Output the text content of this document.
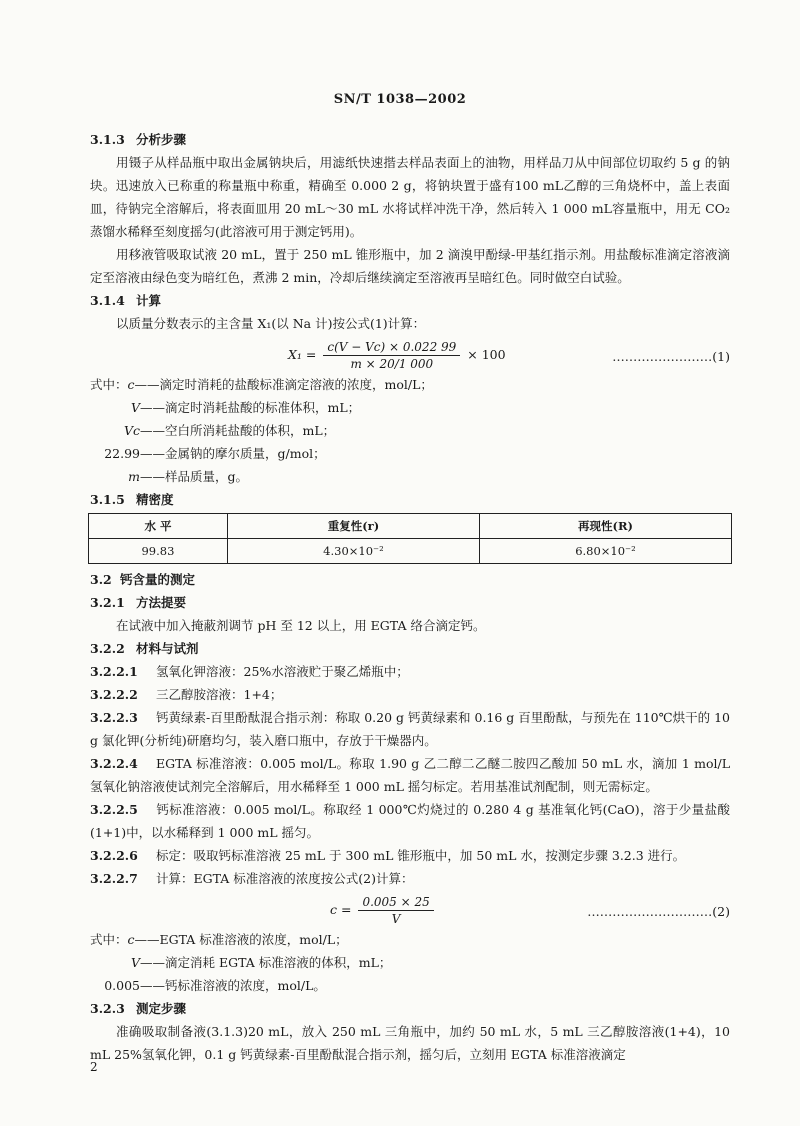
SN/T 1038—2002
3.1.3 分析步骤
用镊子从样品瓶中取出金属钠块后，用滤纸快速揩去样品表面上的油物，用样品刀从中间部位切取约 5 g 的钠块。迅速放入已称重的称量瓶中称重，精确至 0.000 2 g，将钠块置于盛有100 mL乙醇的三角烧杯中，盖上表面皿，待钠完全溶解后，将表面皿用 20 mL～30 mL 水将试样冲洗干净，然后转入 1 000 mL容量瓶中，用无 CO₂ 蒸馏水稀释至刻度摇匀(此溶液可用于测定钙用)。
用移液管吸取试液 20 mL，置于 250 mL 锥形瓶中，加 2 滴溴甲酚绿-甲基红指示剂。用盐酸标准滴定溶液滴定至溶液由绿色变为暗红色，煮沸 2 min，冷却后继续滴定至溶液再呈暗红色。同时做空白试验。
3.1.4 计算
以质量分数表示的主含量 X₁(以 Na 计)按公式(1)计算：
$X_1 = \frac{c(V - Vc) \times 0.022 99}{m \times 20/1 000} \times 100$	……………………(1)
式中：c——滴定时消耗的盐酸标准滴定溶液的浓度，mol/L；
V——滴定时消耗盐酸的标准体积，mL；
Vc——空白所消耗盐酸的体积，mL；
22.99——金属钠的摩尔质量，g/mol；
m——样品质量，g。
3.1.5 精密度
水 平	重复性(r)	再现性(R)
99.83	4.30×10⁻²	6.80×10⁻²
3.2 钙含量的测定
3.2.1 方法提要
在试液中加入掩蔽剂调节 pH 至 12 以上，用 EGTA 络合滴定钙。
3.2.2 材料与试剂
3.2.2.1 氢氧化钾溶液：25%水溶液贮于聚乙烯瓶中；
3.2.2.2 三乙醇胺溶液：1+4；
3.2.2.3 钙黄绿素-百里酚酞混合指示剂：称取 0.20 g 钙黄绿素和 0.16 g 百里酚酞，与预先在 110℃烘干的 10 g 氯化钾(分析纯)研磨均匀，装入磨口瓶中，存放于干燥器内。
3.2.2.4 EGTA 标准溶液：0.005 mol/L。称取 1.90 g 乙二醇二乙醚二胺四乙酸加 50 mL 水，滴加 1 mol/L氢氧化钠溶液使试剂完全溶解后，用水稀释至 1 000 mL 摇匀标定。若用基准试剂配制，则无需标定。
3.2.2.5 钙标准溶液：0.005 mol/L。称取经 1 000℃灼烧过的 0.280 4 g 基准氧化钙(CaO)，溶于少量盐酸(1+1)中，以水稀释到 1 000 mL 摇匀。
3.2.2.6 标定：吸取钙标准溶液 25 mL 于 300 mL 锥形瓶中，加 50 mL 水，按测定步骤 3.2.3 进行。
3.2.2.7 计算：EGTA 标准溶液的浓度按公式(2)计算：
$c = \frac{0.005 \times 25}{V}$	…………………………(2)
式中：c——EGTA 标准溶液的浓度，mol/L；
V——滴定消耗 EGTA 标准溶液的体积，mL；
0.005——钙标准溶液的浓度，mol/L。
3.2.3 测定步骤
准确吸取制备液(3.1.3)20 mL，放入 250 mL 三角瓶中，加约 50 mL 水，5 mL 三乙醇胺溶液(1+4)，10 mL 25%氢氧化钾，0.1 g 钙黄绿素-百里酚酞混合指示剂，摇匀后，立刻用 EGTA 标准溶液滴定
2
